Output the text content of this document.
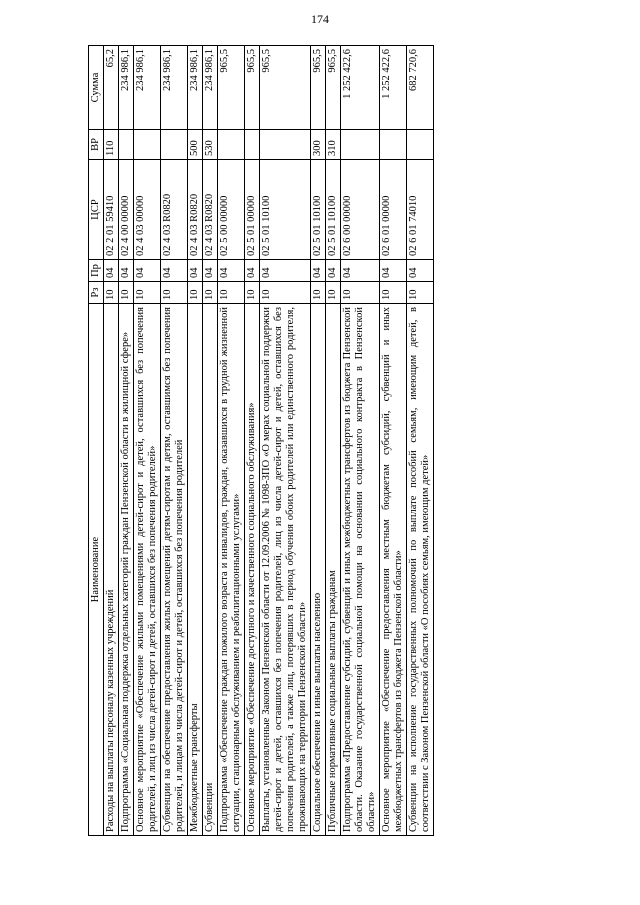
174
Наименование	Рз	Пр	ЦСР	ВР	Сумма
Расходы на выплаты персоналу казенных учреждений	10	04	02 2 01 59410	110	65,2
Подпрограмма «Социальная поддержка отдельных категорий граждан Пензенской области в жилищной сфере»	10	04	02 4 00 00000		234 986,1
Основное мероприятие «Обеспечение жилыми помещениями детей-сирот и детей, оставшихся без попечения родителей, и лиц из числа детей-сирот и детей, оставшихся без попечения родителей»	10	04	02 4 03 00000		234 986,1
Субвенции на обеспечение предоставления жилых помещений детям-сиротам и детям, оставшимся без попечения родителей, и лицам из числа детей-сирот и детей, оставшихся без попечения родителей	10	04	02 4 03 R0820		234 986,1
Межбюджетные трансферты	10	04	02 4 03 R0820	500	234 986,1
Субвенции	10	04	02 4 03 R0820	530	234 986,1
Подпрограмма «Обеспечение граждан пожилого возраста и инвалидов, граждан, оказавшихся в трудной жизненной ситуации, стационарным обслуживанием и реабилитационными услугами»	10	04	02 5 00 00000		965,5
Основное мероприятие «Обеспечение доступного и качественного социального обслуживания»	10	04	02 5 01 00000		965,5
Выплаты, установленные Законом Пензенской области от 12.09.2006 № 1098-ЗПО «О мерах социальной поддержки детей-сирот и детей, оставшихся без попечения родителей, лиц из числа детей-сирот и детей, оставшихся без попечения родителей, а также лиц, потерявших в период обучения обоих родителей или единственного родителя, проживающих на территории Пензенской области»	10	04	02 5 01 10100		965,5
Социальное обеспечение и иные выплаты населению	10	04	02 5 01 10100	300	965,5
Публичные нормативные социальные выплаты гражданам	10	04	02 5 01 10100	310	965,5
Подпрограмма «Предоставление субсидий, субвенций и иных межбюджетных трансфертов из бюджета Пензенской области. Оказание государственной социальной помощи на основании социального контракта в Пензенской области»	10	04	02 6 00 00000		1 252 422,6
Основное мероприятие «Обеспечение предоставления местным бюджетам субсидий, субвенций и иных межбюджетных трансфертов из бюджета Пензенской области»	10	04	02 6 01 00000		1 252 422,6
Субвенции на исполнение государственных полномочий по выплате пособий семьям, имеющим детей, в соответствии с Законом Пензенской области «О пособиях семьям, имеющим детей»	10	04	02 6 01 74010		682 720,6
